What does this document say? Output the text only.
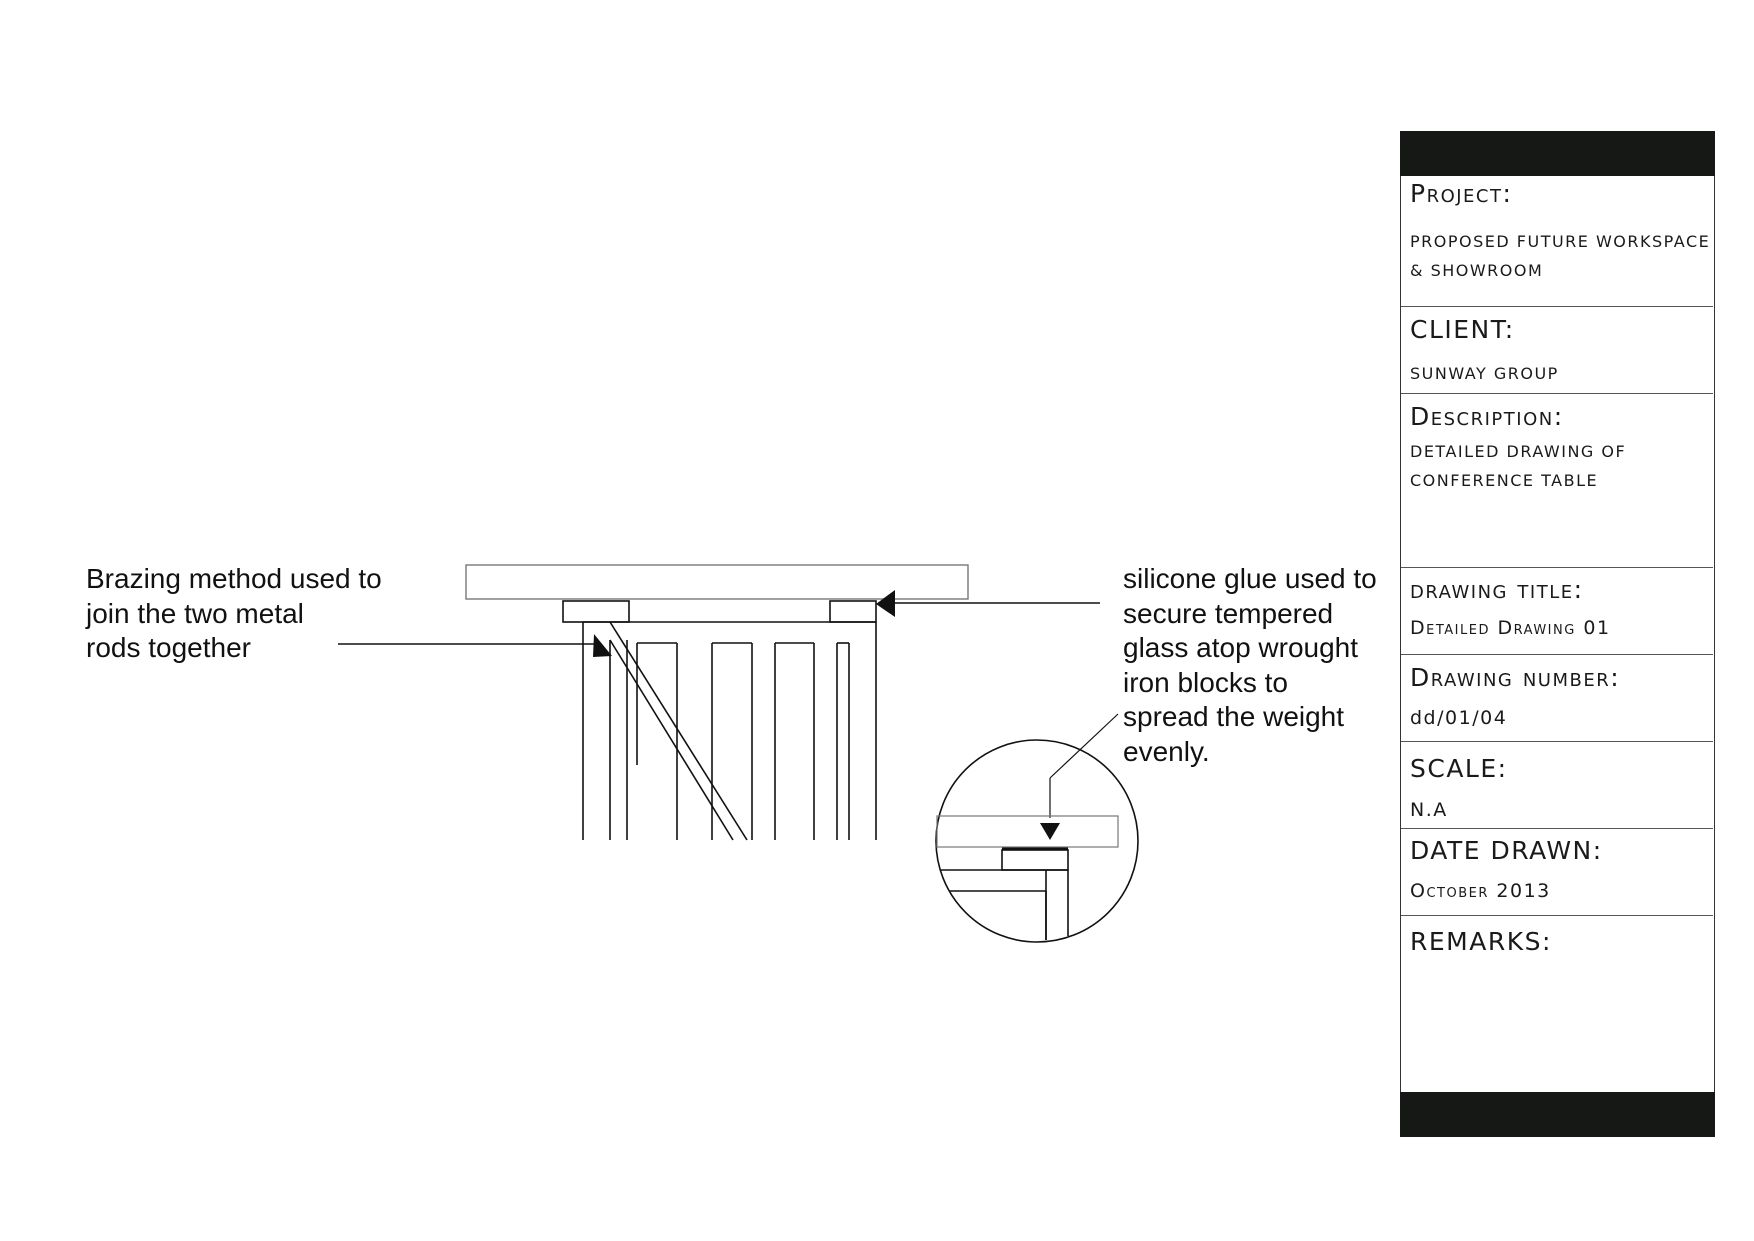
Brazing method used to
join the two metal
rods together
silicone glue used to
secure tempered
glass atop wrought
iron blocks to
spread the weight
evenly.
Project:
PROPOSED FUTURE WORKSPACE
& SHOWROOM
CLIENT:
SUNWAY GROUP
Description:
DETAILED DRAWING OF
CONFERENCE TABLE
drawing title:
Detailed Drawing 01
Drawing number:
dd/01/04
SCALE:
N.A
DATE DRAWN:
October 2013
REMARKS:
